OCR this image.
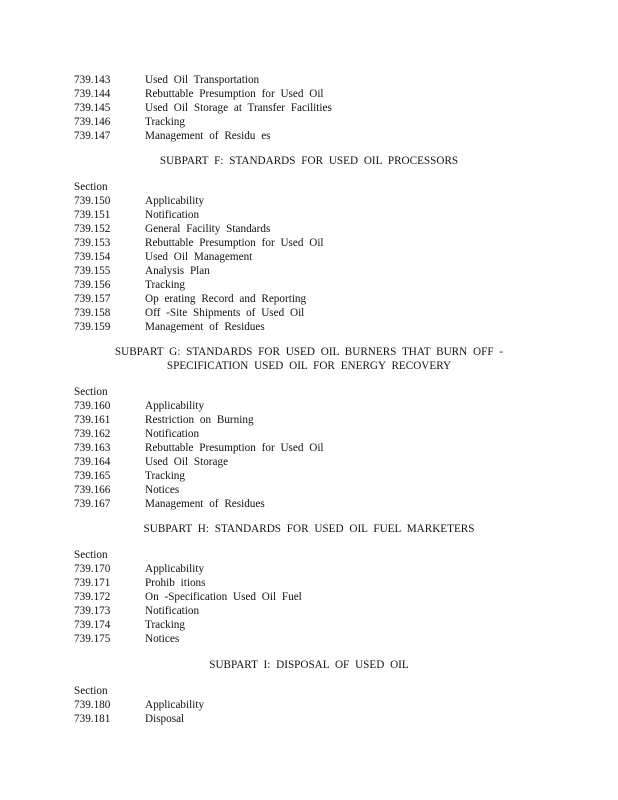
739.143	Used Oil Transportation
739.144	Rebuttable Presumption for Used Oil
739.145	Used Oil Storage at Transfer Facilities
739.146	Tracking
739.147	Management of Residu es
SUBPART F: STANDARDS FOR USED OIL PROCESSORS
Section
739.150	Applicability
739.151	Notification
739.152	General Facility Standards
739.153	Rebuttable Presumption for Used Oil
739.154	Used Oil Management
739.155	Analysis Plan
739.156	Tracking
739.157	Op erating Record and Reporting
739.158	Off -Site Shipments of Used Oil
739.159	Management of Residues
SUBPART G: STANDARDS FOR USED OIL BURNERS THAT BURN OFF -
SPECIFICATION USED OIL FOR ENERGY RECOVERY
Section
739.160	Applicability
739.161	Restriction on Burning
739.162	Notification
739.163	Rebuttable Presumption for Used Oil
739.164	Used Oil Storage
739.165	Tracking
739.166	Notices
739.167	Management of Residues
SUBPART H: STANDARDS FOR USED OIL FUEL MARKETERS
Section
739.170	Applicability
739.171	Prohib itions
739.172	On -Specification Used Oil Fuel
739.173	Notification
739.174	Tracking
739.175	Notices
SUBPART I: DISPOSAL OF USED OIL
Section
739.180	Applicability
739.181	Disposal
